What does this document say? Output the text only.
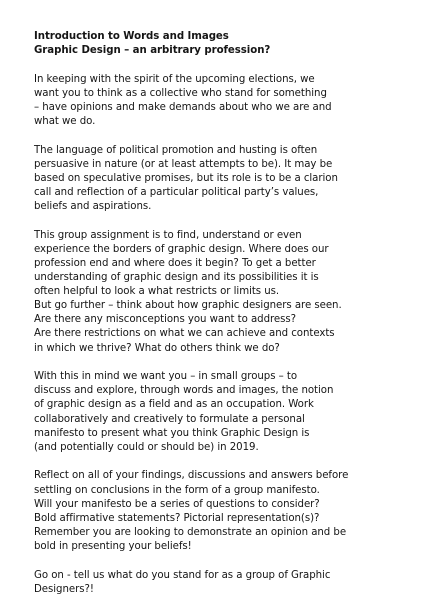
Introduction to Words and Images
Graphic Design – an arbitrary profession?
In keeping with the spirit of the upcoming elections, we
want you to think as a collective who stand for something
– have opinions and make demands about who we are and
what we do.
The language of political promotion and husting is often
persuasive in nature (or at least attempts to be). It may be
based on speculative promises, but its role is to be a clarion
call and reflection of a particular political party’s values,
beliefs and aspirations.
This group assignment is to find, understand or even
experience the borders of graphic design. Where does our
profession end and where does it begin? To get a better
understanding of graphic design and its possibilities it is
often helpful to look a what restricts or limits us.
But go further – think about how graphic designers are seen.
Are there any misconceptions you want to address?
Are there restrictions on what we can achieve and contexts
in which we thrive? What do others think we do?
With this in mind we want you – in small groups – to
discuss and explore, through words and images, the notion
of graphic design as a field and as an occupation. Work
collaboratively and creatively to formulate a personal
manifesto to present what you think Graphic Design is
(and potentially could or should be) in 2019.
Reflect on all of your findings, discussions and answers before
settling on conclusions in the form of a group manifesto.
Will your manifesto be a series of questions to consider?
Bold affirmative statements? Pictorial representation(s)?
Remember you are looking to demonstrate an opinion and be
bold in presenting your beliefs!
Go on - tell us what do you stand for as a group of Graphic
Designers?!
